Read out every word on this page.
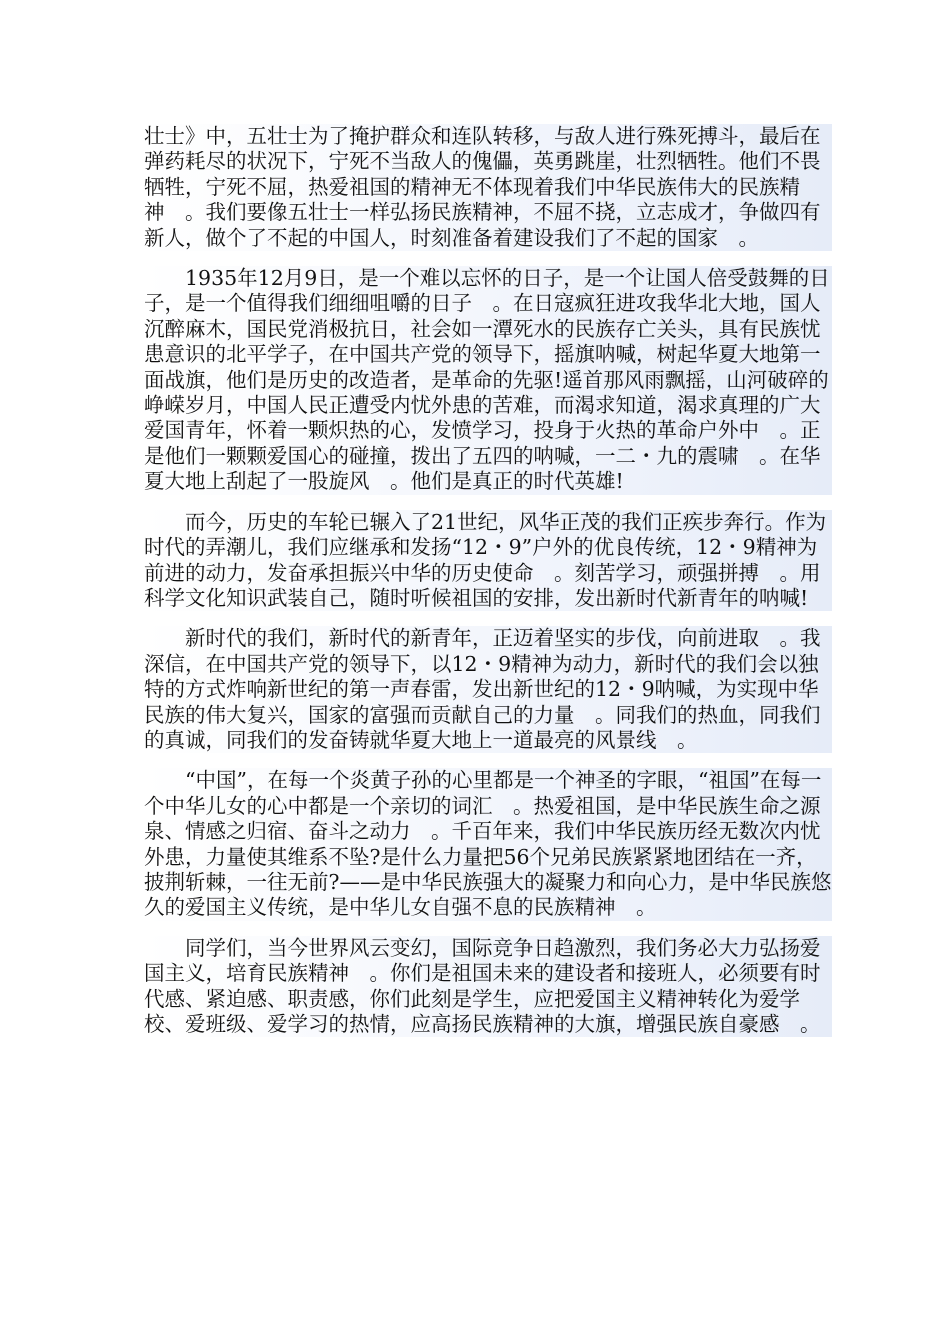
壮士》中，五壮士为了掩护群众和连队转移，与敌人进行殊死搏斗，最后在弹药耗尽的状况下，宁死不当敌人的傀儡，英勇跳崖，壮烈牺牲。他们不畏牺牲，宁死不屈，热爱祖国的精神无不体现着我们中华民族伟大的民族精神　。我们要像五壮士一样弘扬民族精神，不屈不挠，立志成才，争做四有新人，做个了不起的中国人，时刻准备着建设我们了不起的国家　。

　　1935年12月9日，是一个难以忘怀的日子，是一个让国人倍受鼓舞的日子，是一个值得我们细细咀嚼的日子　。在日寇疯狂进攻我华北大地，国人沉醉麻木，国民党消极抗日，社会如一潭死水的民族存亡关头，具有民族忧患意识的北平学子，在中国共产党的领导下，摇旗呐喊，树起华夏大地第一面战旗，他们是历史的改造者，是革命的先驱!遥首那风雨飘摇，山河破碎的峥嵘岁月，中国人民正遭受内忧外患的苦难，而渴求知道，渴求真理的广大爱国青年，怀着一颗炽热的心，发愤学习，投身于火热的革命户外中　。正是他们一颗颗爱国心的碰撞，拨出了五四的呐喊，一二・九的震啸　。在华夏大地上刮起了一股旋风　。他们是真正的时代英雄!

　　而今，历史的车轮已辗入了21世纪，风华正茂的我们正疾步奔行。作为时代的弄潮儿，我们应继承和发扬“12・9”户外的优良传统，12・9精神为前进的动力，发奋承担振兴中华的历史使命　。刻苦学习，顽强拼搏　。用科学文化知识武装自己，随时听候祖国的安排，发出新时代新青年的呐喊!

　　新时代的我们，新时代的新青年，正迈着坚实的步伐，向前进取　。我深信，在中国共产党的领导下，以12・9精神为动力，新时代的我们会以独特的方式炸响新世纪的第一声春雷，发出新世纪的12・9呐喊，为实现中华民族的伟大复兴，国家的富强而贡献自己的力量　。同我们的热血，同我们的真诚，同我们的发奋铸就华夏大地上一道最亮的风景线　。

　　“中国”，在每一个炎黄子孙的心里都是一个神圣的字眼，“祖国”在每一个中华儿女的心中都是一个亲切的词汇　。热爱祖国，是中华民族生命之源泉、情感之归宿、奋斗之动力　。千百年来，我们中华民族历经无数次内忧外患，力量使其维系不坠?是什么力量把56个兄弟民族紧紧地团结在一齐，披荆斩棘，一往无前?——是中华民族强大的凝聚力和向心力，是中华民族悠久的爱国主义传统，是中华儿女自强不息的民族精神　。

　　同学们，当今世界风云变幻，国际竞争日趋激烈，我们务必大力弘扬爱国主义，培育民族精神　。你们是祖国未来的建设者和接班人，必须要有时代感、紧迫感、职责感，你们此刻是学生，应把爱国主义精神转化为爱学校、爱班级、爱学习的热情，应高扬民族精神的大旗，增强民族自豪感　。
